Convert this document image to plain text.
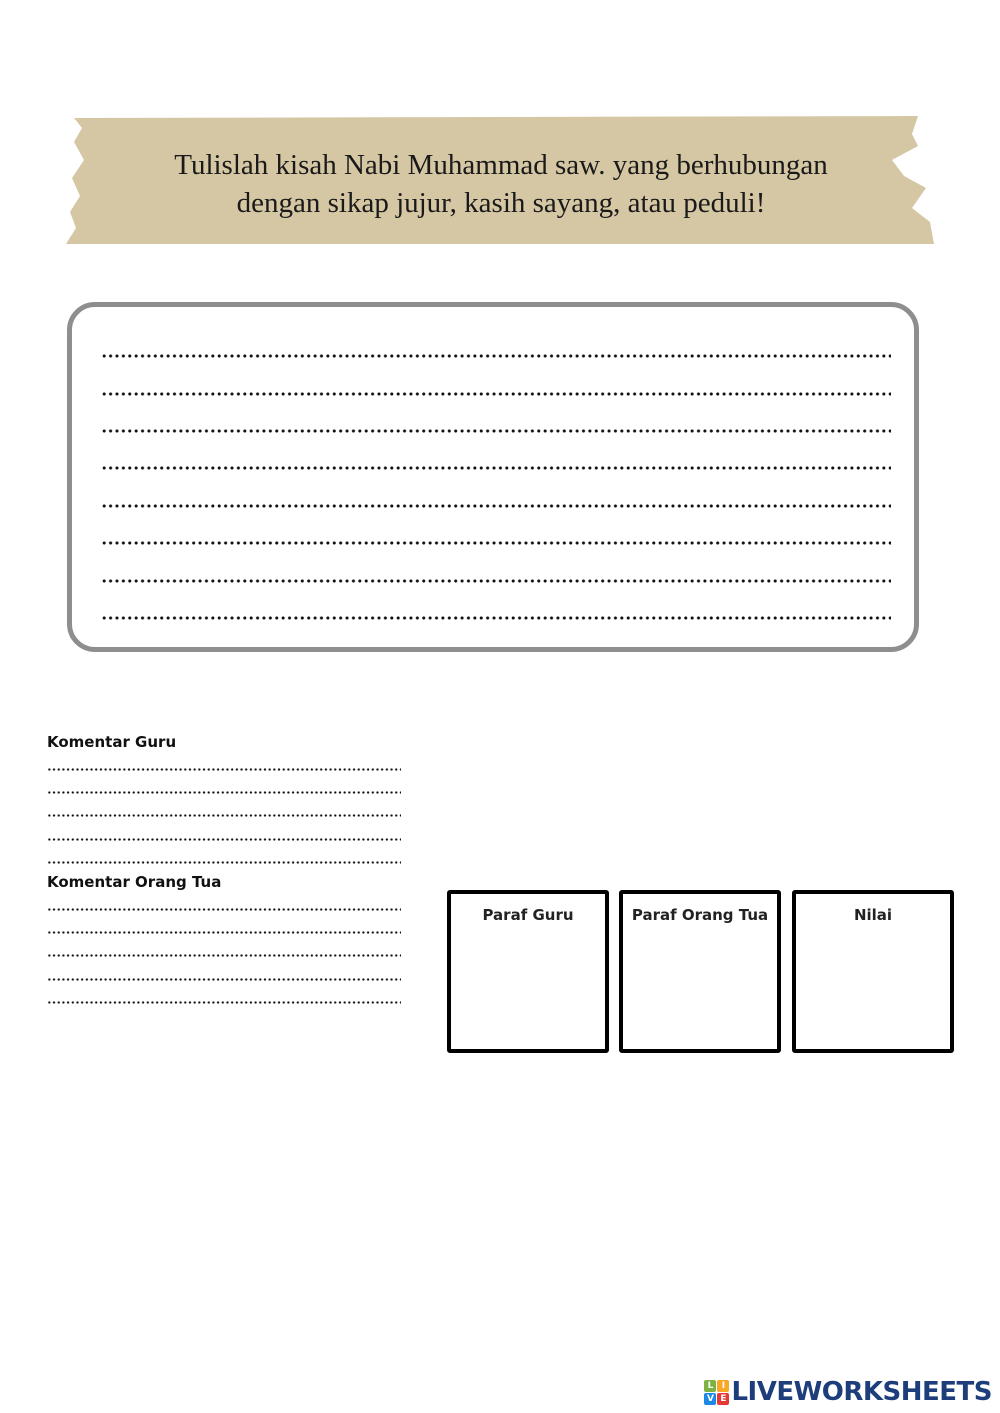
Tulislah kisah Nabi Muhammad saw. yang berhubungan
dengan sikap jujur, kasih sayang, atau peduli!
Komentar Guru
Komentar Orang Tua
Paraf Guru	Paraf Orang Tua	Nilai
L I
V E LIVEWORKSHEETS
